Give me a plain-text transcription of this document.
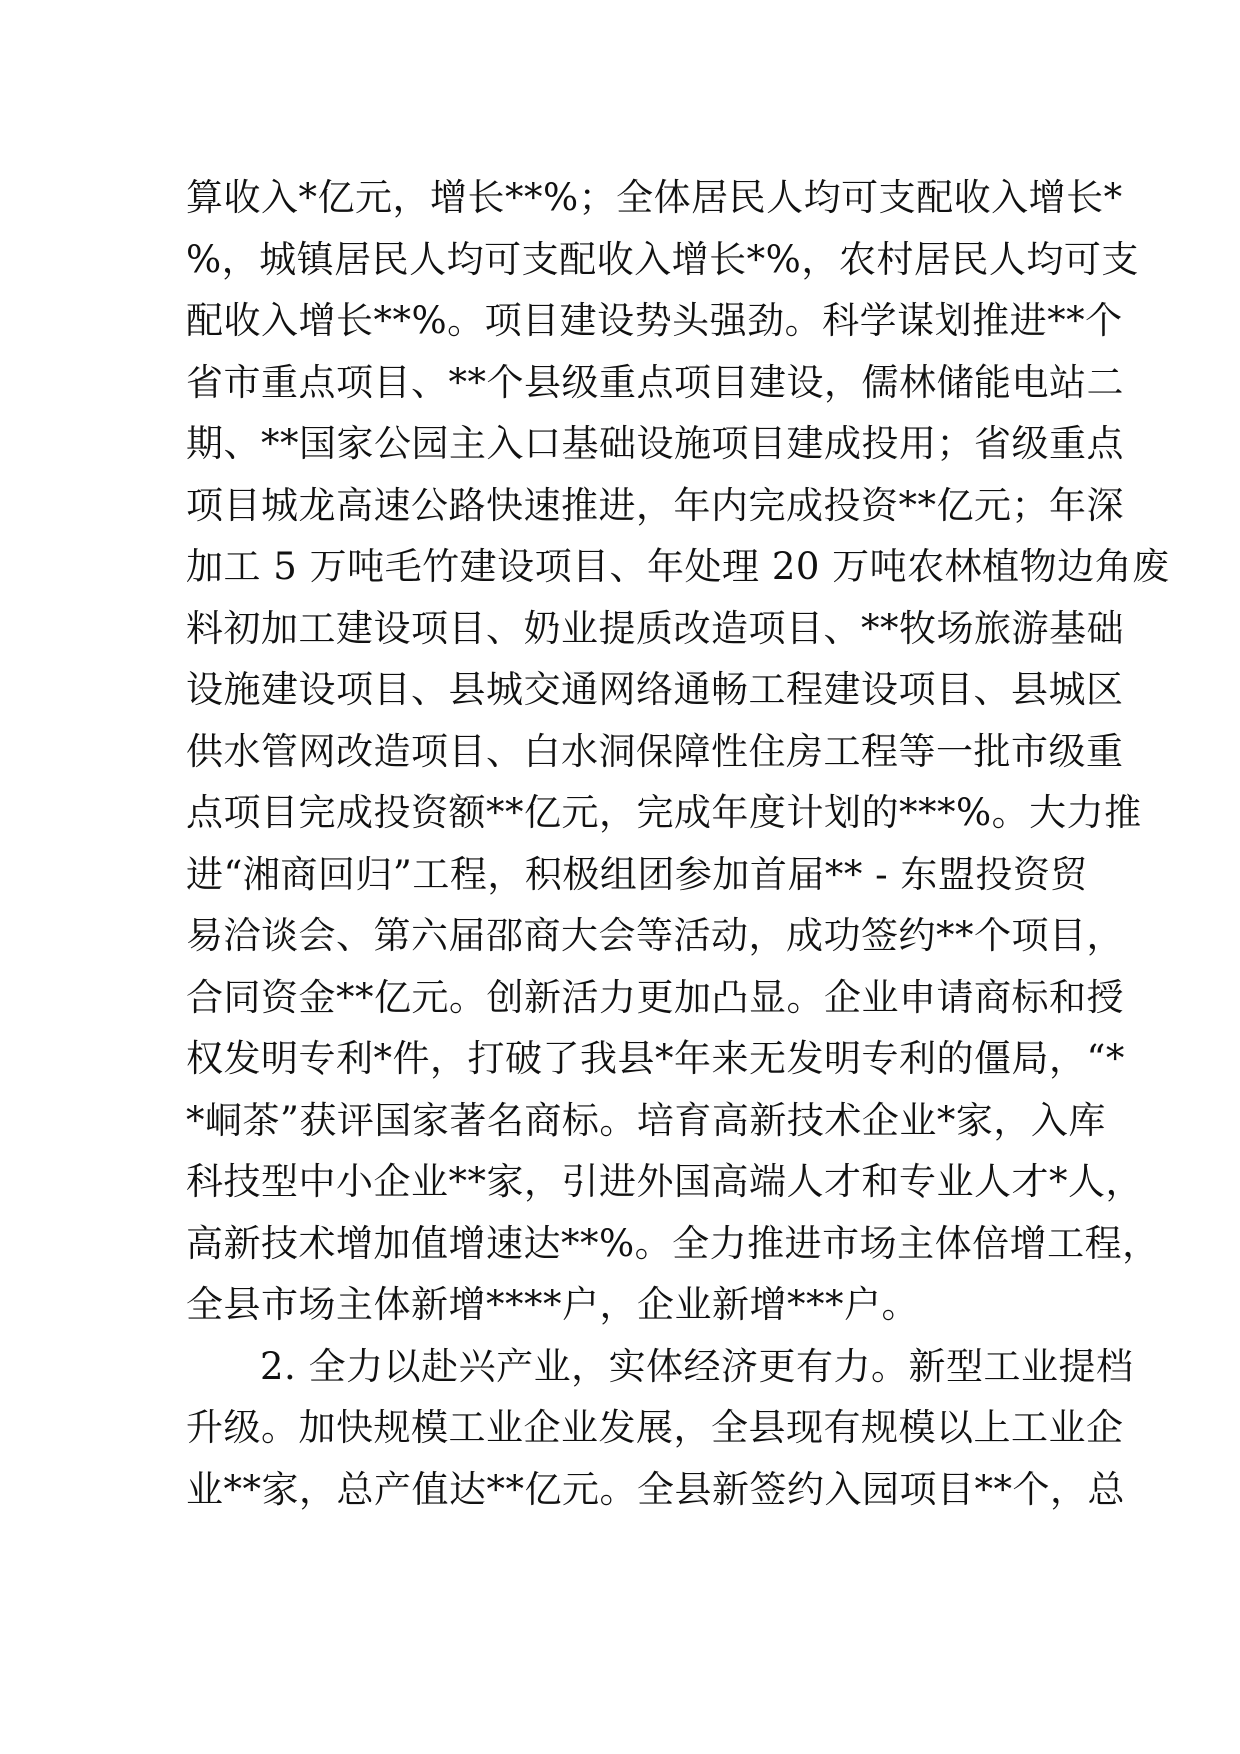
算收入*亿元，增长**%；全体居民人均可支配收入增长*
%，城镇居民人均可支配收入增长*%，农村居民人均可支
配收入增长**%。项目建设势头强劲。科学谋划推进**个
省市重点项目、**个县级重点项目建设，儒林储能电站二
期、**国家公园主入口基础设施项目建成投用；省级重点
项目城龙高速公路快速推进，年内完成投资**亿元；年深
加工 5 万吨毛竹建设项目、年处理 20 万吨农林植物边角废
料初加工建设项目、奶业提质改造项目、**牧场旅游基础
设施建设项目、县城交通网络通畅工程建设项目、县城区
供水管网改造项目、白水洞保障性住房工程等一批市级重
点项目完成投资额**亿元，完成年度计划的***%。大力推
进“湘商回归”工程，积极组团参加首届** - 东盟投资贸
易洽谈会、第六届邵商大会等活动，成功签约**个项目，
合同资金**亿元。创新活力更加凸显。企业申请商标和授
权发明专利*件，打破了我县*年来无发明专利的僵局，“*
*峒茶”获评国家著名商标。培育高新技术企业*家，入库
科技型中小企业**家，引进外国高端人才和专业人才*人，
高新技术增加值增速达**%。全力推进市场主体倍增工程，
全县市场主体新增****户，企业新增***户。
2. 全力以赴兴产业，实体经济更有力。新型工业提档
升级。加快规模工业企业发展，全县现有规模以上工业企
业**家，总产值达**亿元。全县新签约入园项目**个，总
